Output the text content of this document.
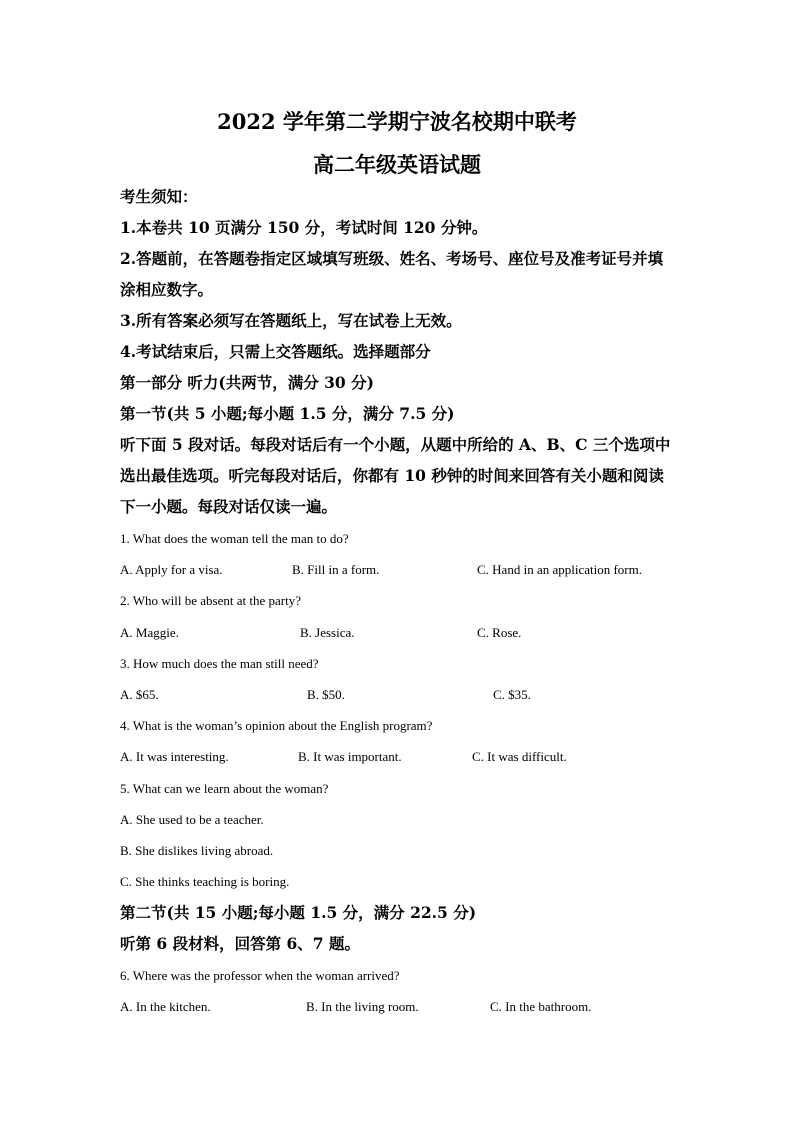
2022 学年第二学期宁波名校期中联考
高二年级英语试题
考生须知：
1.本卷共 10 页满分 150 分，考试时间 120 分钟。
2.答题前，在答题卷指定区域填写班级、姓名、考场号、座位号及准考证号并填
涂相应数字。
3.所有答案必须写在答题纸上，写在试卷上无效。
4.考试结束后，只需上交答题纸。选择题部分
第一部分 听力(共两节，满分 30 分)
第一节(共 5 小题;每小题 1.5 分，满分 7.5 分)
听下面 5 段对话。每段对话后有一个小题，从题中所给的 A、B、C 三个选项中
选出最佳选项。听完每段对话后，你都有 10 秒钟的时间来回答有关小题和阅读
下一小题。每段对话仅读一遍。
1. What does the woman tell the man to do?
A. Apply for a visa.	B. Fill in a form.	C. Hand in an application form.
2. Who will be absent at the party?
A. Maggie.	B. Jessica.	C. Rose.
3. How much does the man still need?
A. $65.	B. $50.	C. $35.
4. What is the woman’s opinion about the English program?
A. It was interesting.	B. It was important.	C. It was difficult.
5. What can we learn about the woman?
A. She used to be a teacher.
B. She dislikes living abroad.
C. She thinks teaching is boring.
第二节(共 15 小题;每小题 1.5 分，满分 22.5 分)
听第 6 段材料，回答第 6、7 题。
6. Where was the professor when the woman arrived?
A. In the kitchen.	B. In the living room.	C. In the bathroom.
